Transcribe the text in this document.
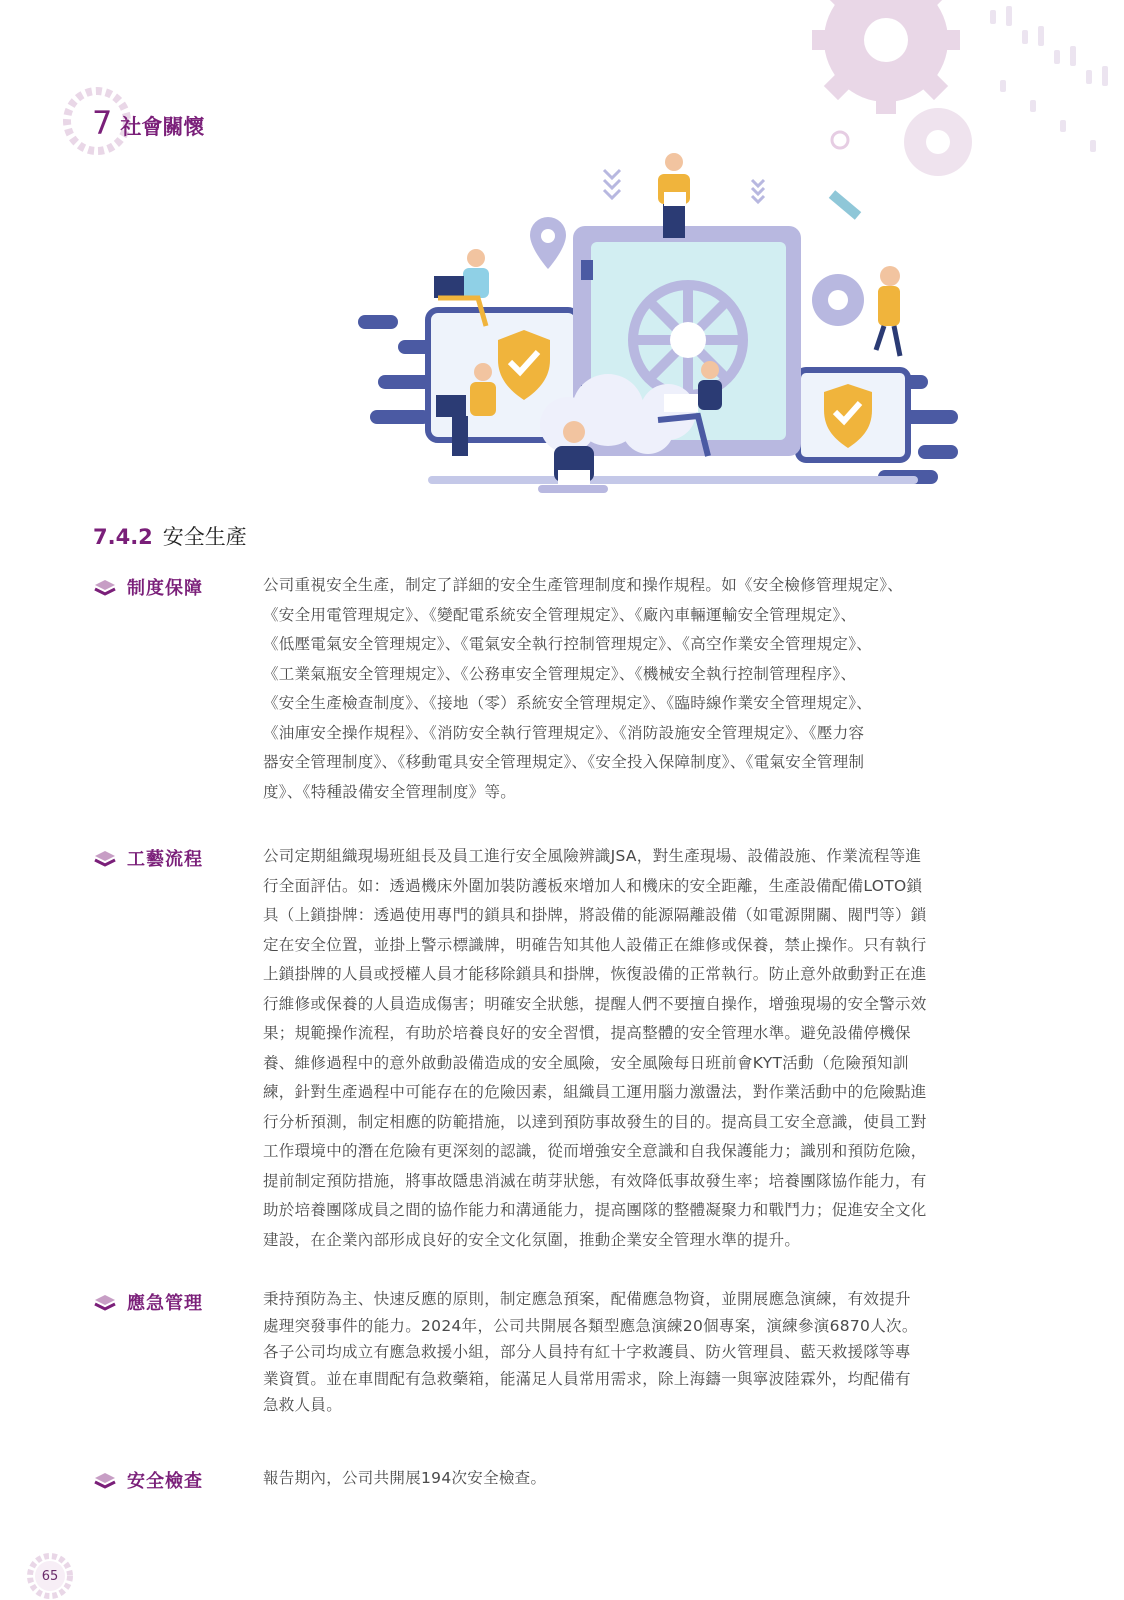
7 社會關懷
7.4.2 安全生產
制度保障	公司重視安全生產，制定了詳細的安全生產管理制度和操作規程。如《安全檢修管理規定》、
《安全用電管理規定》、《變配電系統安全管理規定》、《廠內車輛運輸安全管理規定》、
《低壓電氣安全管理規定》、《電氣安全執行控制管理規定》、《高空作業安全管理規定》、
《工業氣瓶安全管理規定》、《公務車安全管理規定》、《機械安全執行控制管理程序》、
《安全生產檢查制度》、《接地（零）系統安全管理規定》、《臨時線作業安全管理規定》、
《油庫安全操作規程》、《消防安全執行管理規定》、《消防設施安全管理規定》、《壓力容
器安全管理制度》、《移動電具安全管理規定》、《安全投入保障制度》、《電氣安全管理制
度》、《特種設備安全管理制度》等。
工藝流程	公司定期組織現場班組長及員工進行安全風險辨識JSA，對生產現場、設備設施、作業流程等進
行全面評估。如：透過機床外圍加裝防護板來增加人和機床的安全距離，生產設備配備LOTO鎖
具（上鎖掛牌：透過使用專門的鎖具和掛牌，將設備的能源隔離設備（如電源開關、閥門等）鎖
定在安全位置，並掛上警示標識牌，明確告知其他人設備正在維修或保養，禁止操作。只有執行
上鎖掛牌的人員或授權人員才能移除鎖具和掛牌，恢復設備的正常執行。防止意外啟動對正在進
行維修或保養的人員造成傷害；明確安全狀態，提醒人們不要擅自操作，增強現場的安全警示效
果；規範操作流程，有助於培養良好的安全習慣，提高整體的安全管理水準。避免設備停機保
養、維修過程中的意外啟動設備造成的安全風險，安全風險每日班前會KYT活動（危險預知訓
練，針對生產過程中可能存在的危險因素，組織員工運用腦力激盪法，對作業活動中的危險點進
行分析預測，制定相應的防範措施，以達到預防事故發生的目的。提高員工安全意識，使員工對
工作環境中的潛在危險有更深刻的認識，從而增強安全意識和自我保護能力；識別和預防危險，
提前制定預防措施，將事故隱患消滅在萌芽狀態，有效降低事故發生率；培養團隊協作能力，有
助於培養團隊成員之間的協作能力和溝通能力，提高團隊的整體凝聚力和戰鬥力；促進安全文化
建設，在企業內部形成良好的安全文化氛圍，推動企業安全管理水準的提升。
應急管理	秉持預防為主、快速反應的原則，制定應急預案，配備應急物資，並開展應急演練，有效提升
處理突發事件的能力。2024年，公司共開展各類型應急演練20個專案，演練參演6870人次。
各子公司均成立有應急救援小組，部分人員持有紅十字救護員、防火管理員、藍天救援隊等專
業資質。並在車間配有急救藥箱，能滿足人員常用需求，除上海鑄一與寧波陸霖外，均配備有
急救人員。
安全檢查	報告期內，公司共開展194次安全檢查。
65
